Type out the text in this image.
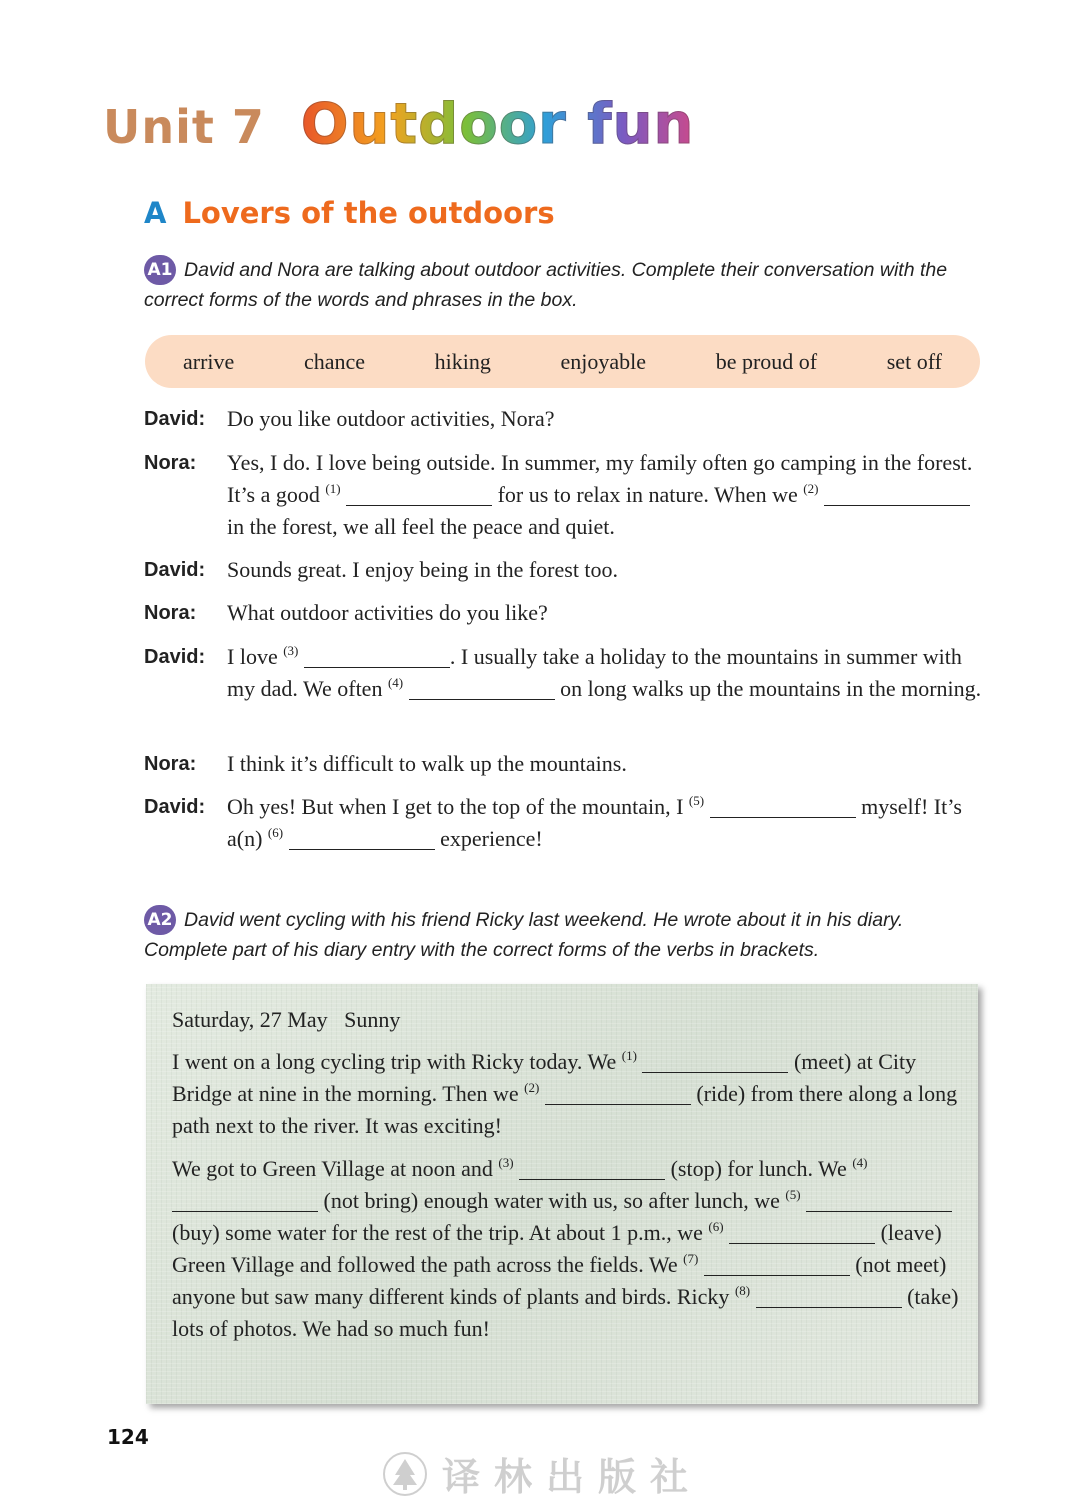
Unit 7 Outdoor fun
A Lovers of the outdoors
A1 David and Nora are talking about outdoor activities. Complete their conversation with the correct forms of the words and phrases in the box.
arrive	chance	hiking	enjoyable	be proud of	set off
David: Do you like outdoor activities, Nora?
Nora: Yes, I do. I love being outside. In summer, my family often go camping in the forest. It’s a good $^{(1)}$	for us to relax in nature. When we $^{(2)}$  in the forest, we all feel the peace and quiet.
David: Sounds great. I enjoy being in the forest too.
Nora: What outdoor activities do you like?
David: I love $^{(3)}$	. I usually take a holiday to the mountains in summer with my dad. We often $^{(4)}$	on long walks up the mountains in the morning.
Nora: I think it’s difficult to walk up the mountains.
David: Oh yes! But when I get to the top of the mountain, I $^{(5)}$	myself! It’s a(n) $^{(6)}$	experience!
A2 David went cycling with his friend Ricky last weekend. He wrote about it in his diary. Complete part of his diary entry with the correct forms of the verbs in brackets.
Saturday, 27 May   Sunny
I went on a long cycling trip with Ricky today. We $^{(1)}$	(meet) at City Bridge at nine in the morning. Then we $^{(2)}$	(ride) from there along a long path next to the river. It was exciting!
We got to Green Village at noon and $^{(3)}$	(stop) for lunch. We $^{(4)}$  (not bring) enough water with us, so after lunch, we $^{(5)}$  (buy) some water for the rest of the trip. At about 1 p.m., we $^{(6)}$	(leave) Green Village and followed the path across the fields. We $^{(7)}$	(not meet) anyone but saw many different kinds of plants and birds. Ricky $^{(8)}$	(take) lots of photos. We had so much fun!
124
译林出版社
